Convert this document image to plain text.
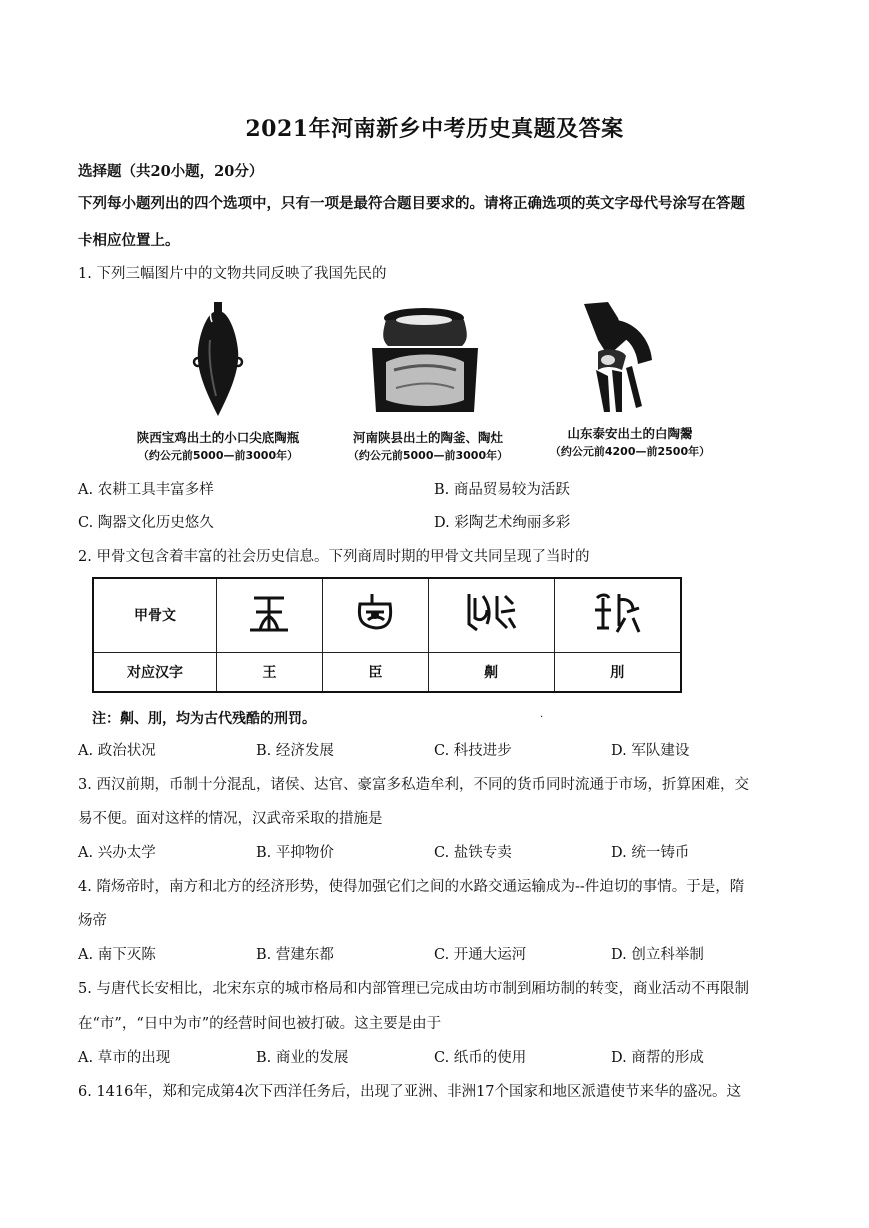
2021年河南新乡中考历史真题及答案
选择题（共20小题，20分）
下列每小题列出的四个选项中，只有一项是最符合题目要求的。请将正确选项的英文字母代号涂写在答题
卡相应位置上。
1. 下列三幅图片中的文物共同反映了我国先民的
陕西宝鸡出土的小口尖底陶瓶
（约公元前5000—前3000年）
河南陕县出土的陶釜、陶灶
（约公元前5000—前3000年）
山东泰安出土的白陶鬶
（约公元前4200—前2500年）
A. 农耕工具丰富多样	B. 商品贸易较为活跃
C. 陶器文化历史悠久	D. 彩陶艺术绚丽多彩
2. 甲骨文包含着丰富的社会历史信息。下列商周时期的甲骨文共同呈现了当时的
甲骨文				
对应汉字	王	臣	劓	刖
注：劓、刖，均为古代残酷的刑罚。	·
A. 政治状况	B. 经济发展	C. 科技进步	D. 军队建设
3. 西汉前期，币制十分混乱，诸侯、达官、豪富多私造牟利，不同的货币同时流通于市场，折算困难，交
易不便。面对这样的情况，汉武帝采取的措施是
A. 兴办太学	B. 平抑物价	C. 盐铁专卖	D. 统一铸币
4. 隋炀帝时，南方和北方的经济形势，使得加强它们之间的水路交通运输成为--件迫切的事情。于是，隋
炀帝
A. 南下灭陈	B. 营建东都	C. 开通大运河	D. 创立科举制
5. 与唐代长安相比，北宋东京的城市格局和内部管理已完成由坊市制到厢坊制的转变，商业活动不再限制
在“市”，“日中为市”的经营时间也被打破。这主要是由于
A. 草市的出现	B. 商业的发展	C. 纸币的使用	D. 商帮的形成
6. 1416年，郑和完成第4次下西洋任务后，出现了亚洲、非洲17个国家和地区派遣使节来华的盛况。这
